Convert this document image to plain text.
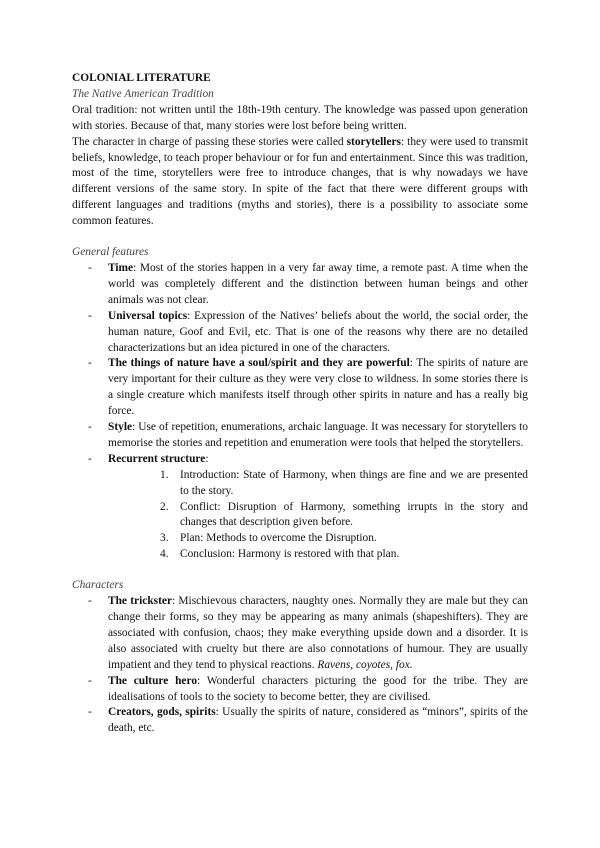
COLONIAL LITERATURE
The Native American Tradition

Oral tradition: not written until the 18th-19th century. The knowledge was passed upon generation with stories. Because of that, many stories were lost before being written.

The character in charge of passing these stories were called storytellers: they were used to transmit beliefs, knowledge, to teach proper behaviour or for fun and entertainment. Since this was tradition, most of the time, storytellers were free to introduce changes, that is why nowadays we have different versions of the same story. In spite of the fact that there were different groups with different languages and traditions (myths and stories), there is a possibility to associate some common features.

General features
- Time: Most of the stories happen in a very far away time, a remote past. A time when the world was completely different and the distinction between human beings and other animals was not clear.
- Universal topics: Expression of the Natives’ beliefs about the world, the social order, the human nature, Goof and Evil, etc. That is one of the reasons why there are no detailed characterizations but an idea pictured in one of the characters.
- The things of nature have a soul/spirit and they are powerful: The spirits of nature are very important for their culture as they were very close to wildness. In some stories there is a single creature which manifests itself through other spirits in nature and has a really big force.
- Style: Use of repetition, enumerations, archaic language. It was necessary for storytellers to memorise the stories and repetition and enumeration were tools that helped the storytellers.
- Recurrent structure:
1. Introduction: State of Harmony, when things are fine and we are presented to the story.
2. Conflict: Disruption of Harmony, something irrupts in the story and changes that description given before.
3. Plan: Methods to overcome the Disruption.
4. Conclusion: Harmony is restored with that plan.
Characters
- The trickster: Mischievous characters, naughty ones. Normally they are male but they can change their forms, so they may be appearing as many animals (shapeshifters). They are associated with confusion, chaos; they make everything upside down and a disorder. It is also associated with cruelty but there are also connotations of humour. They are usually impatient and they tend to physical reactions. Ravens, coyotes, fox.
- The culture hero: Wonderful characters picturing the good for the tribe. They are idealisations of tools to the society to become better, they are civilised.
- Creators, gods, spirits: Usually the spirits of nature, considered as “minors”, spirits of the death, etc.
